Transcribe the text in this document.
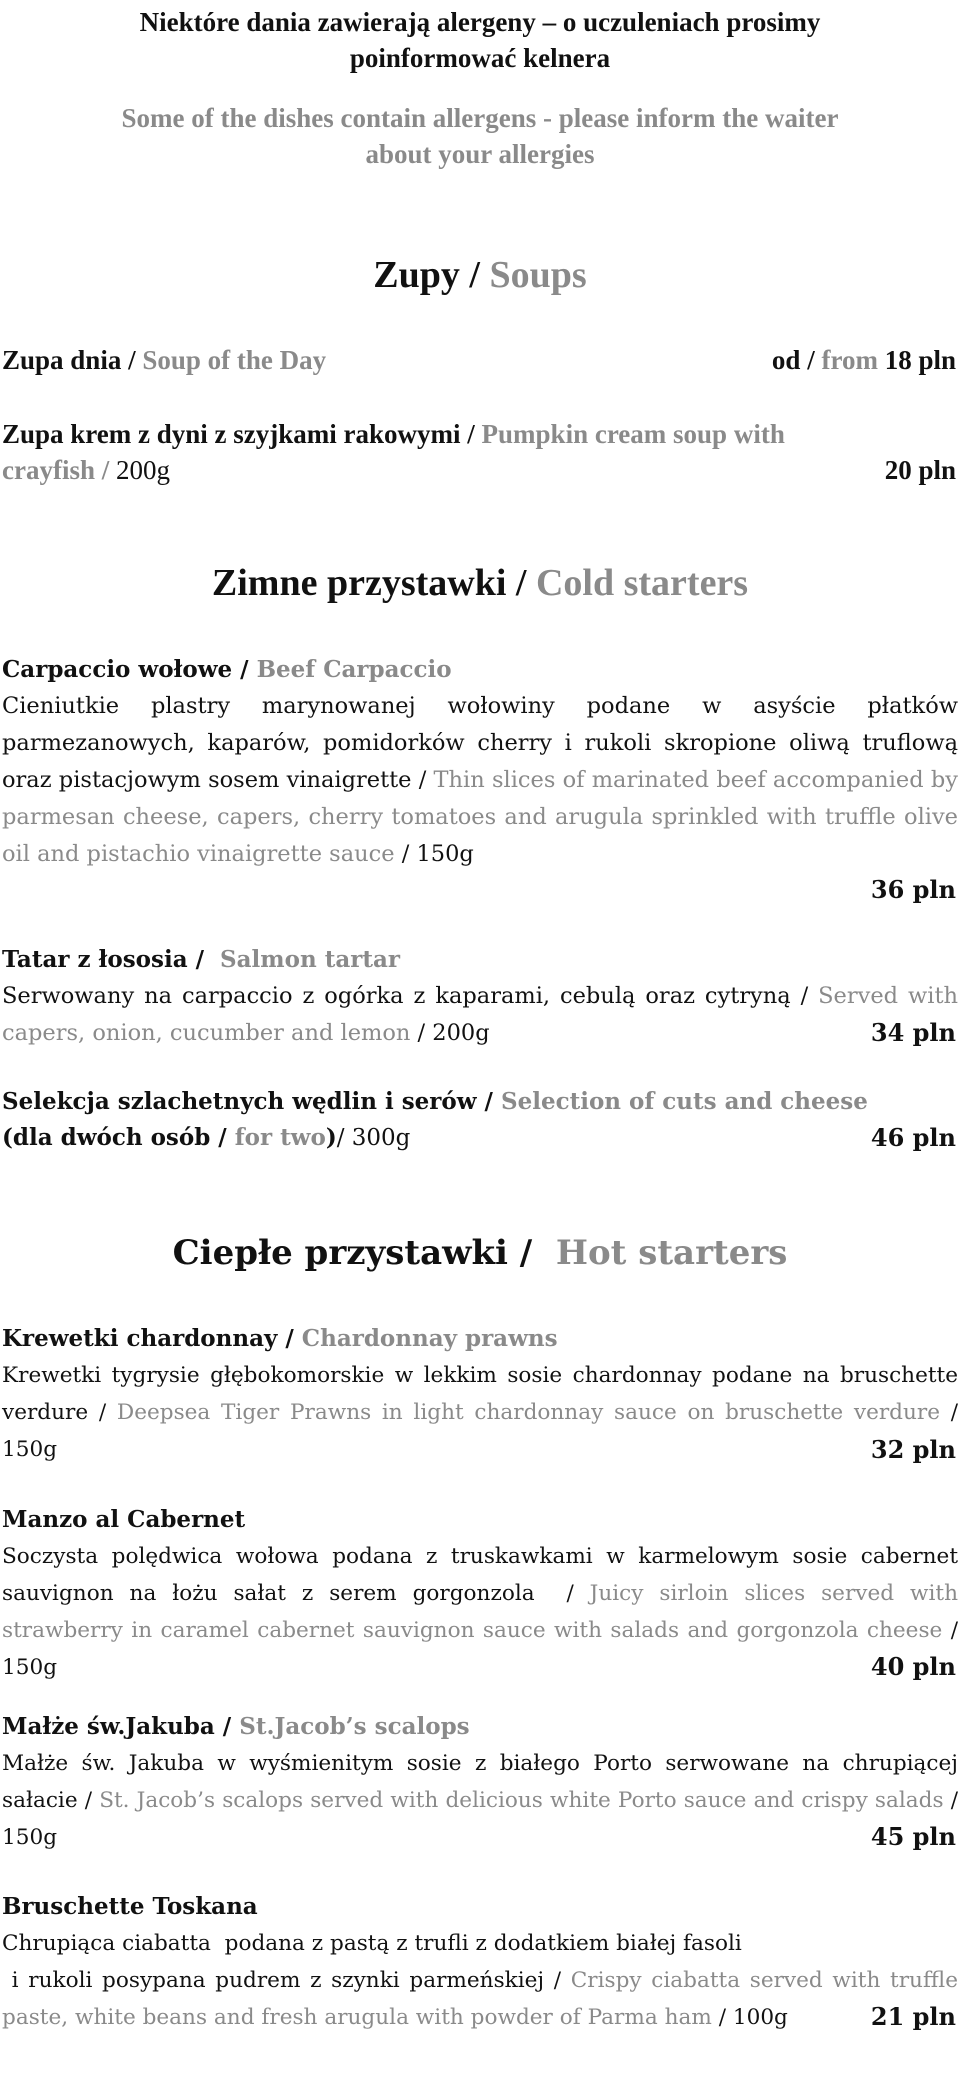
Niektóre dania zawierają alergeny – o uczuleniach prosimy
poinformować kelnera
Some of the dishes contain allergens - please inform the waiter
about your allergies
Zupy / Soups
Zupa dnia / Soup of the Day	od / from 18 pln
Zupa krem z dyni z szyjkami rakowymi / Pumpkin cream soup with
crayfish / 200g	20 pln
Zimne przystawki / Cold starters
Carpaccio wołowe / Beef Carpaccio
Cieniutkie plastry marynowanej wołowiny podane w asyście płatków parmezanowych, kaparów, pomidorków cherry i rukoli skropione oliwą truflową oraz pistacjowym sosem vinaigrette / Thin slices of marinated beef accompanied by parmesan cheese, capers, cherry tomatoes and arugula sprinkled with truffle olive oil and pistachio vinaigrette sauce / 150g
36 pln
Tatar z łososia /  Salmon tartar
Serwowany na carpaccio z ogórka z kaparami, cebulą oraz cytryną / Served with capers, onion, cucumber and lemon / 200g	34 pln
Selekcja szlachetnych wędlin i serów / Selection of cuts and cheese
(dla dwóch osób / for two)/ 300g	46 pln
Ciepłe przystawki /  Hot starters
Krewetki chardonnay / Chardonnay prawns
Krewetki tygrysie głębokomorskie w lekkim sosie chardonnay podane na bruschette verdure / Deepsea Tiger Prawns in light chardonnay sauce on bruschette verdure / 150g	32 pln
Manzo al Cabernet
Soczysta polędwica wołowa podana z truskawkami w karmelowym sosie cabernet sauvignon na łożu sałat z serem gorgonzola  / Juicy sirloin slices served with strawberry in caramel cabernet sauvignon sauce with salads and gorgonzola cheese / 150g	40 pln
Małże św.Jakuba / St.Jacob’s scalops
Małże św. Jakuba w wyśmienitym sosie z białego Porto serwowane na chrupiącej sałacie / St. Jacob’s scalops served with delicious white Porto sauce and crispy salads / 150g	45 pln
Bruschette Toskana
Chrupiąca ciabatta  podana z pastą z trufli z dodatkiem białej fasoli
i rukoli posypana pudrem z szynki parmeńskiej / Crispy ciabatta served with truffle paste, white beans and fresh arugula with powder of Parma ham / 100g	21 pln
